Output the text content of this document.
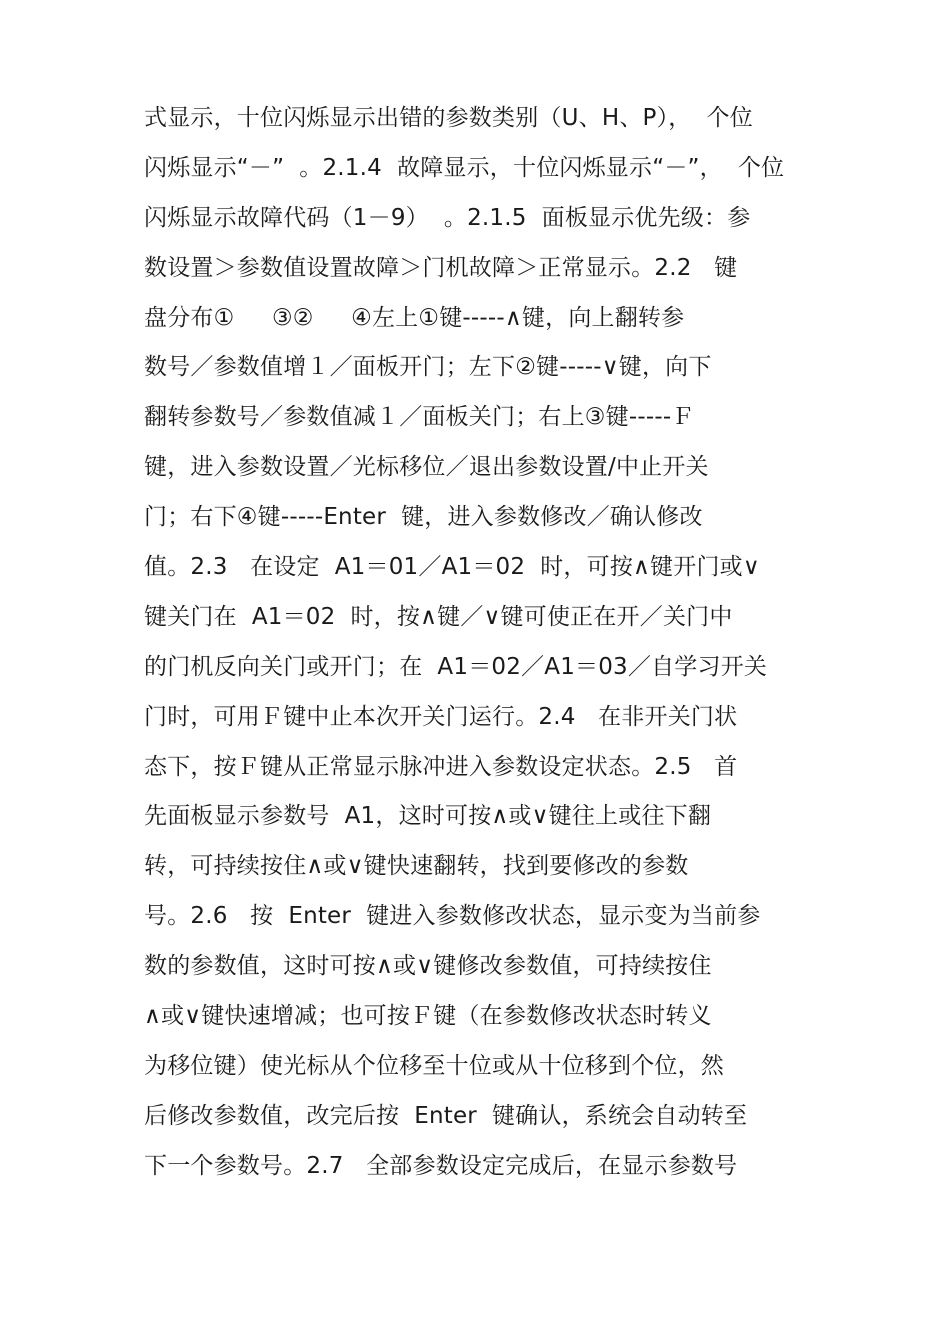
式显示，十位闪烁显示出错的参数类别（U、H、P），  个位
闪烁显示“－”  。2.1.4  故障显示，十位闪烁显示“－”，  个位
闪烁显示故障代码（1－9）  。2.1.5  面板显示优先级：参
数设置＞参数值设置故障＞门机故障＞正常显示。2.2   键
盘分布①     ③②     ④左上①键-----∧键，向上翻转参
数号／参数值增１／面板开门；左下②键-----∨键，向下
翻转参数号／参数值减１／面板关门；右上③键-----Ｆ
键，进入参数设置／光标移位／退出参数设置/中止开关
门；右下④键-----Enter  键，进入参数修改／确认修改
值。2.3   在设定  A1＝01／A1＝02  时，可按∧键开门或∨
键关门在  A1＝02  时，按∧键／∨键可使正在开／关门中
的门机反向关门或开门；在  A1＝02／A1＝03／自学习开关
门时，可用Ｆ键中止本次开关门运行。2.4   在非开关门状
态下，按Ｆ键从正常显示脉冲进入参数设定状态。2.5   首
先面板显示参数号  A1，这时可按∧或∨键往上或往下翻
转，可持续按住∧或∨键快速翻转，找到要修改的参数
号。2.6   按  Enter  键进入参数修改状态，显示变为当前参
数的参数值，这时可按∧或∨键修改参数值，可持续按住
∧或∨键快速增减；也可按Ｆ键（在参数修改状态时转义
为移位键）使光标从个位移至十位或从十位移到个位，然
后修改参数值，改完后按  Enter  键确认，系统会自动转至
下一个参数号。2.7   全部参数设定完成后，在显示参数号
